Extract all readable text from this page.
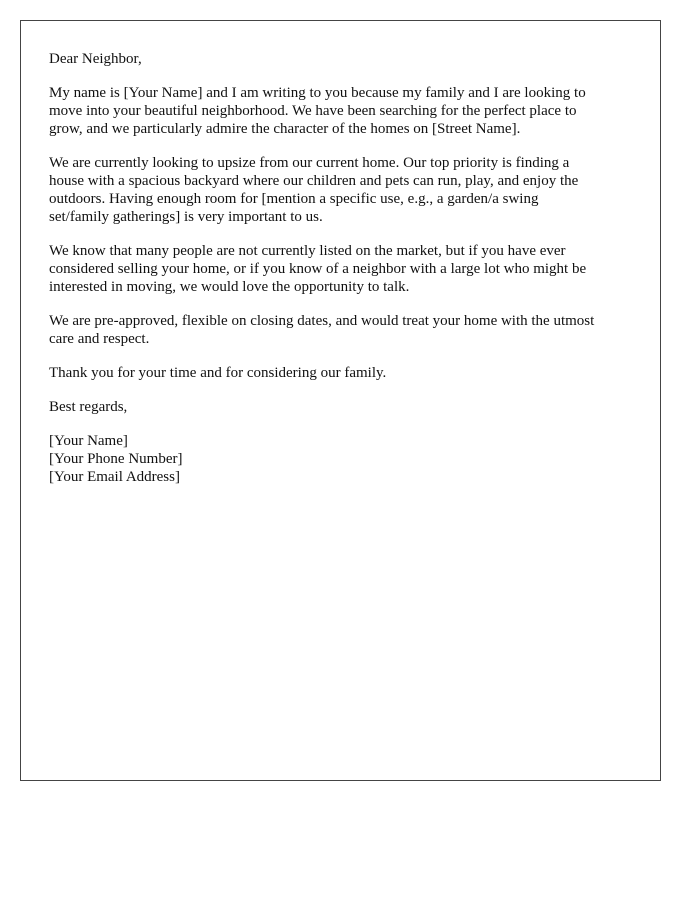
Dear Neighbor,

My name is [Your Name] and I am writing to you because my family and I are looking to
move into your beautiful neighborhood. We have been searching for the perfect place to
grow, and we particularly admire the character of the homes on [Street Name].

We are currently looking to upsize from our current home. Our top priority is finding a
house with a spacious backyard where our children and pets can run, play, and enjoy the
outdoors. Having enough room for [mention a specific use, e.g., a garden/a swing
set/family gatherings] is very important to us.

We know that many people are not currently listed on the market, but if you have ever
considered selling your home, or if you know of a neighbor with a large lot who might be
interested in moving, we would love the opportunity to talk.

We are pre-approved, flexible on closing dates, and would treat your home with the utmost
care and respect.

Thank you for your time and for considering our family.

Best regards,

[Your Name]
[Your Phone Number]
[Your Email Address]
